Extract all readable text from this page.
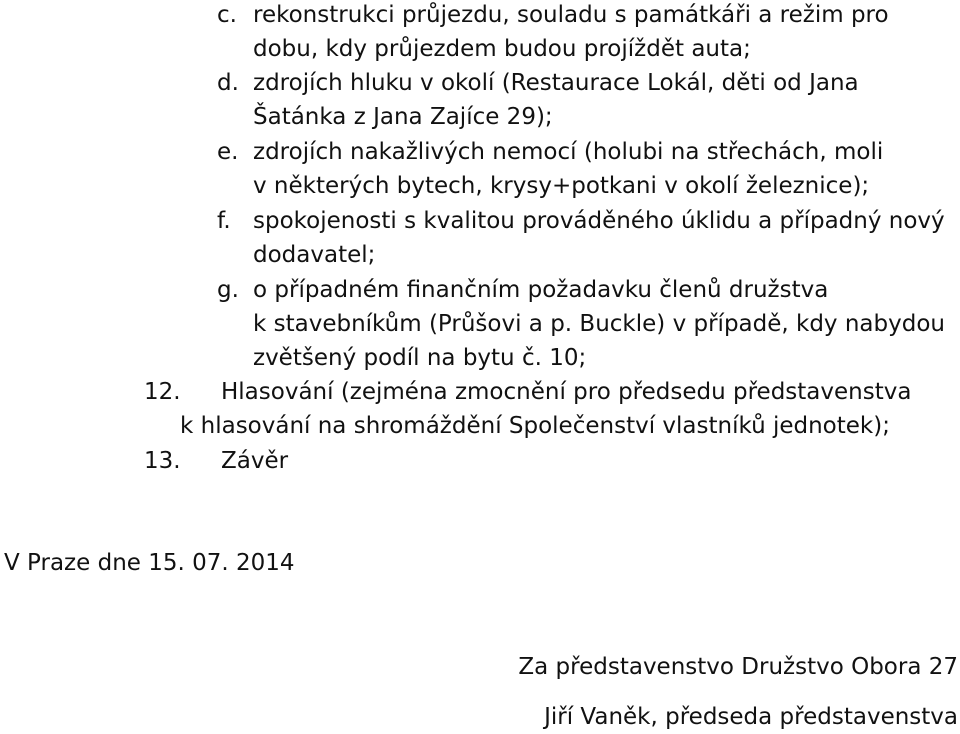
c. rekonstrukci průjezdu, souladu s památkáři a režim pro
dobu, kdy průjezdem budou projíždět auta;
d. zdrojích hluku v okolí (Restaurace Lokál, děti od Jana
Šatánka z Jana Zajíce 29);
e. zdrojích nakažlivých nemocí (holubi na střechách, moli
v některých bytech, krysy+potkani v okolí železnice);
f. spokojenosti s kvalitou prováděného úklidu a případný nový
dodavatel;
g. o případném finančním požadavku členů družstva
k stavebníkům (Průšovi a p. Buckle) v případě, kdy nabydou
zvětšený podíl na bytu č. 10;
12. Hlasování (zejména zmocnění pro předsedu představenstva
k hlasování na shromáždění Společenství vlastníků jednotek);
13. Závěr
V Praze dne 15. 07. 2014
Za představenstvo Družstvo Obora 27
Jiří Vaněk, předseda představenstva
